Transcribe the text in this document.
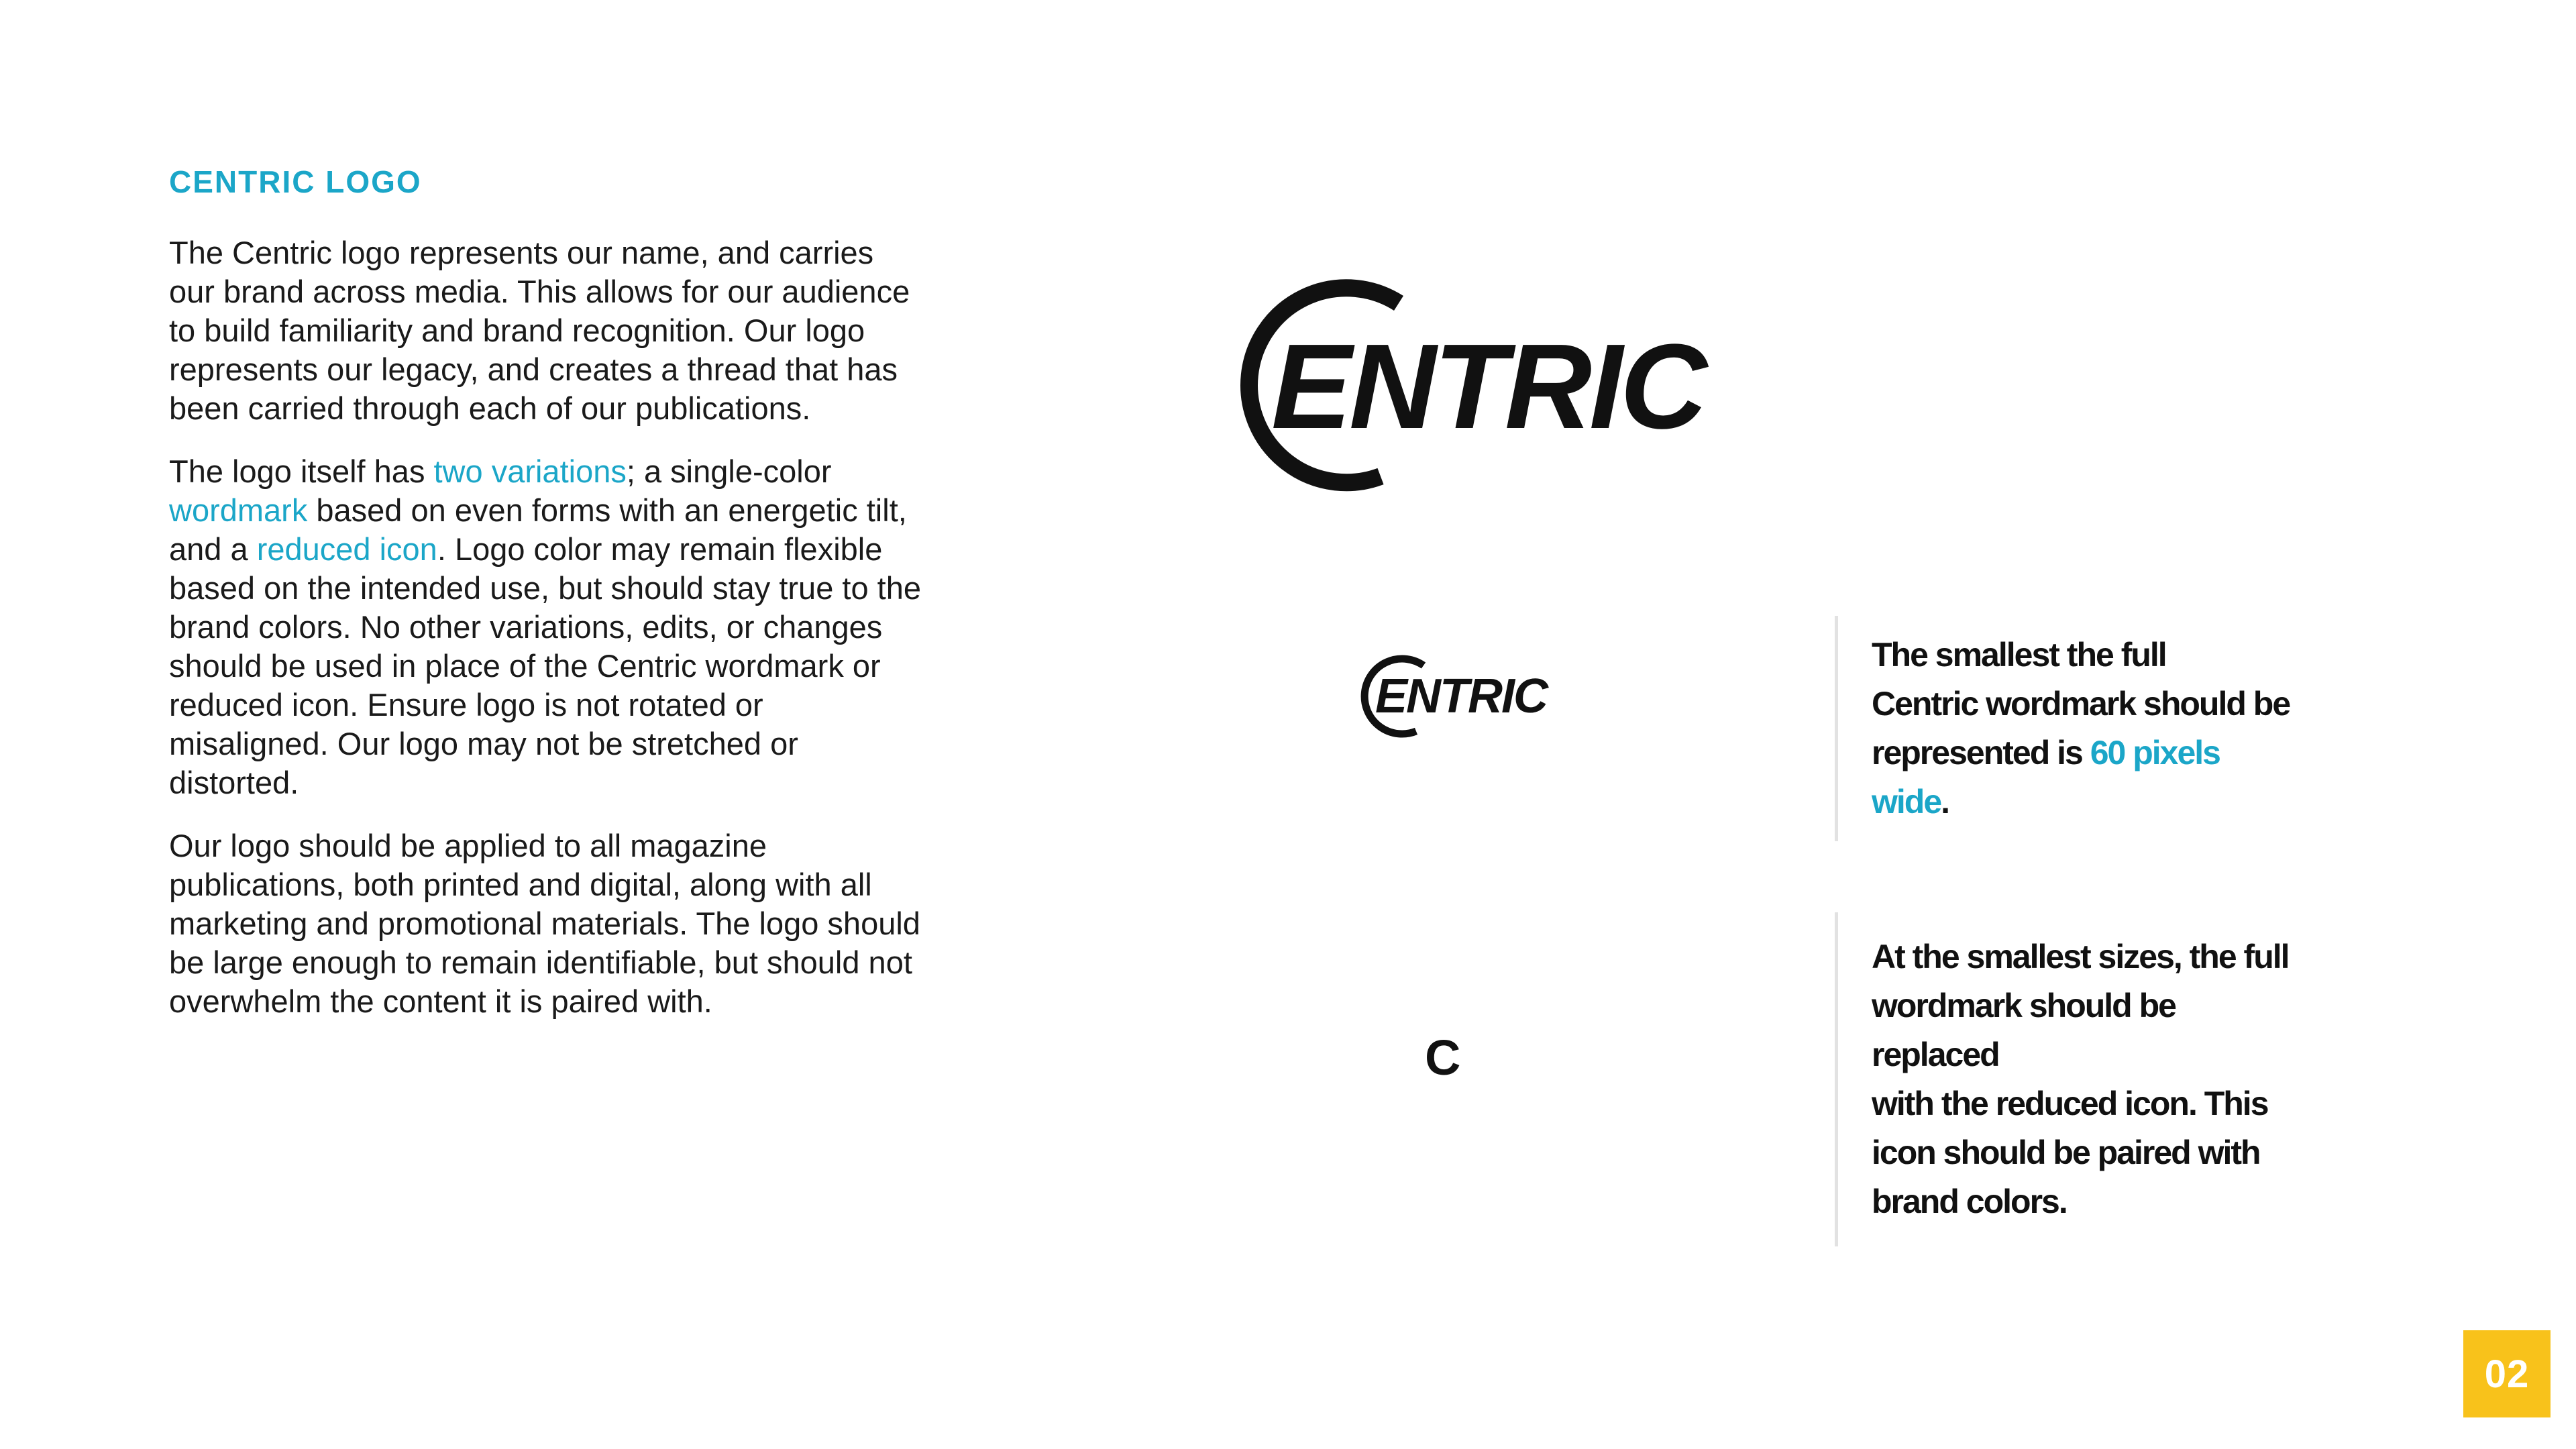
CENTRIC LOGO

The Centric logo represents our name, and carries our brand across media. This allows for our audience to build familiarity and brand recognition. Our logo represents our legacy, and creates a thread that has been carried through each of our publications.

The logo itself has two variations; a single-color wordmark based on even forms with an energetic tilt, and a reduced icon. Logo color may remain flexible based on the intended use, but should stay true to the brand colors. No other variations, edits, or changes should be used in place of the Centric wordmark or reduced icon. Ensure logo is not rotated or misaligned. Our logo may not be stretched or distorted.

Our logo should be applied to all magazine publications, both printed and digital, along with all marketing and promotional materials. The logo should be large enough to remain identifiable, but should not overwhelm the content it is paired with.

ENTRIC
ENTRIC
C
The smallest the full
Centric wordmark should be
represented is 60 pixels wide.
At the smallest sizes, the full
wordmark should be replaced
with the reduced icon. This
icon should be paired with
brand colors.
02
